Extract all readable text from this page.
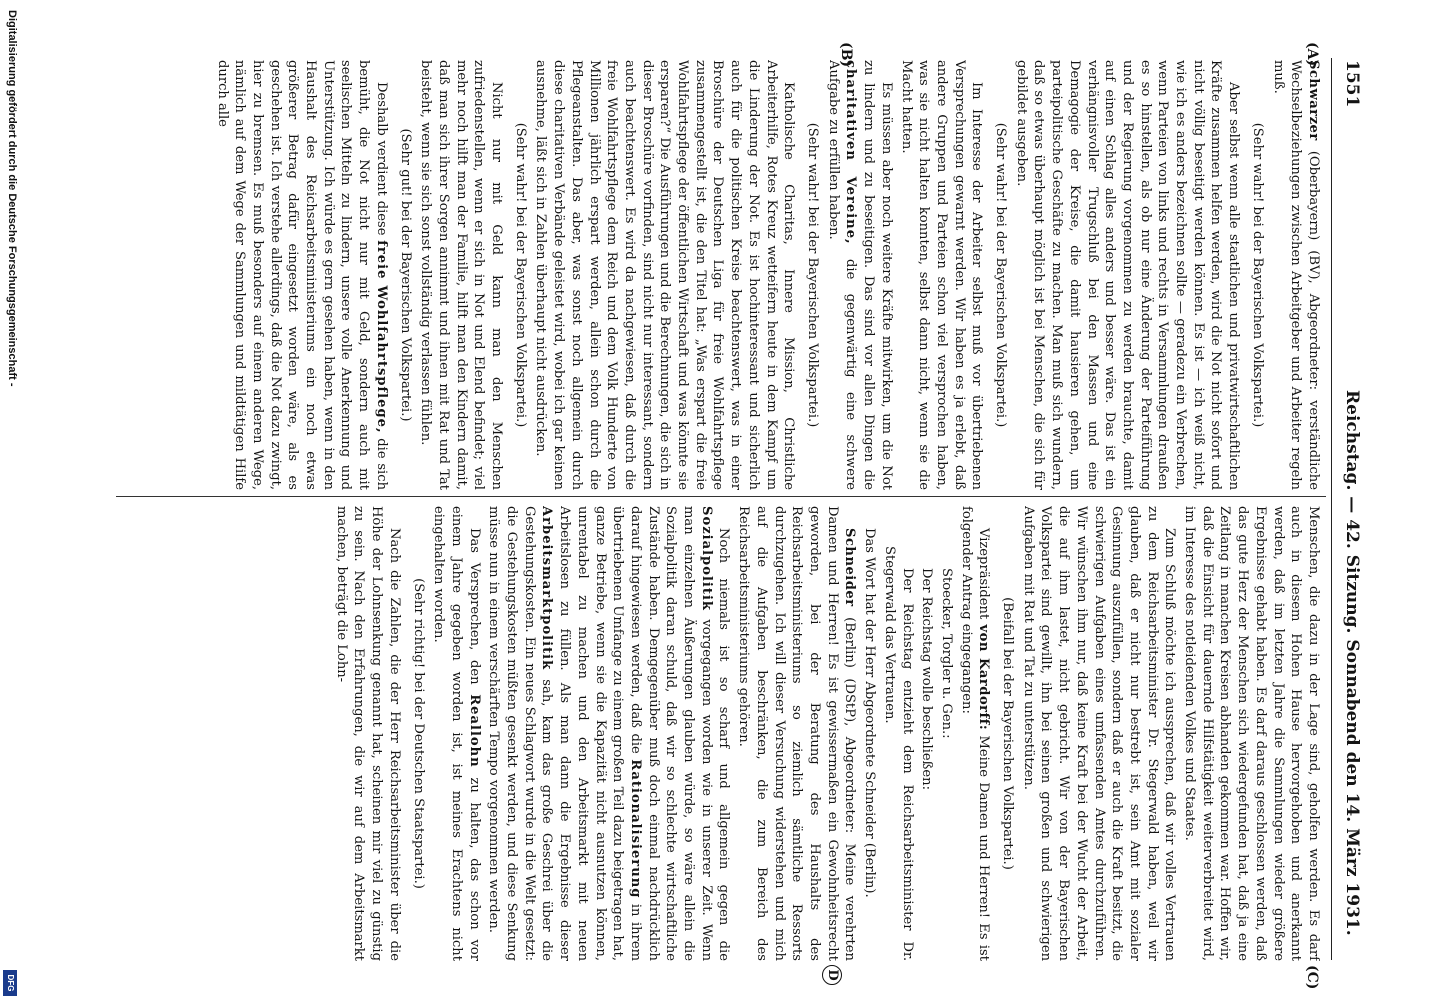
1551
Reichstag. — 42. Sitzung. Sonnabend den 14. März 1931.
(A)
(B)
(C)
D

Schwarzer (Oberbayern) (BV), Abgeordneter: verständliche Wechselbeziehungen zwischen Arbeitgeber und Arbeiter regeln muß.

(Sehr wahr! bei der Bayerischen Volkspartei.)

Aber selbst wenn alle staatlichen und privatwirtschaftlichen Kräfte zusammen helfen werden, wird die Not nicht sofort und nicht völlig beseitigt werden können. Es ist — ich weiß nicht, wie ich es anders bezeichnen sollte — geradezu ein Verbrechen, wenn Parteien von links und rechts in Versammlungen draußen es so hinstellen, als ob nur eine Änderung der Parteiführung und der Regierung vorgenommen zu werden brauchte, damit auf einen Schlag alles anders und besser wäre. Das ist ein verhängnisvoller Trugschluß bei den Massen und eine Demagogie der Kreise, die damit hausieren gehen, um parteipolitische Geschäfte zu machen. Man muß sich wundern, daß so etwas überhaupt möglich ist bei Menschen, die sich für gebildet ausgeben.

(Sehr wahr! bei der Bayerischen Volkspartei.)

Im Interesse der Arbeiter selbst muß vor übertriebenen Versprechungen gewarnt werden. Wir haben es ja erlebt, daß andere Gruppen und Parteien schon viel versprochen haben, was sie nicht halten konnten, selbst dann nicht, wenn sie die Macht hatten.

Es müssen aber noch weitere Kräfte mitwirken, um die Not zu lindern und zu beseitigen. Das sind vor allen Dingen die charitativen Vereine, die gegenwärtig eine schwere Aufgabe zu erfüllen haben.

(Sehr wahr! bei der Bayerischen Volkspartei.)

Katholische Charitas, Innere Mission, Christliche Arbeiterhilfe, Rotes Kreuz wetteifern heute in dem Kampf um die Linderung der Not. Es ist hochinteressant und sicherlich auch für die politischen Kreise beachtenswert, was in einer Broschüre der Deutschen Liga für freie Wohlfahrtspflege zusammengestellt ist, die den Titel hat: „Was erspart die freie Wohlfahrtspflege der öffentlichen Wirtschaft und was könnte sie ersparen?“ Die Ausführungen und die Berechnungen, die sich in dieser Broschüre vorfinden, sind nicht nur interessant, sondern auch beachtenswert. Es wird da nachgewiesen, daß durch die freie Wohlfahrtspflege dem Reich und dem Volk Hunderte von Millionen jährlich erspart werden, allein schon durch die Pflegeanstalten. Das aber, was sonst noch allgemein durch diese charitativen Verbände geleistet wird, wobei ich gar keinen ausnehme, läßt sich in Zahlen überhaupt nicht ausdrücken.

(Sehr wahr! bei der Bayerischen Volkspartei.)

Nicht nur mit Geld kann man den Menschen zufriedenstellen, wenn er sich in Not und Elend befindet; viel mehr noch hilft man der Familie, hilft man den Kindern damit, daß man sich ihrer Sorgen annimmt und ihnen mit Rat und Tat beisteht, wenn sie sich sonst vollständig verlassen fühlen.

(Sehr gut! bei der Bayerischen Volkspartei.)

Deshalb verdient diese freie Wohlfahrtspflege, die sich bemüht, die Not nicht nur mit Geld, sondern auch mit seelischen Mitteln zu lindern, unsere volle Anerkennung und Unterstützung. Ich würde es gern gesehen haben, wenn in den Haushalt des Reichsarbeitsministeriums ein noch etwas größerer Betrag dafür eingesetzt worden wäre, als es geschehen ist. Ich verstehe allerdings, daß die Not dazu zwingt, hier zu bremsen. Es muß besonders auf einem anderen Wege, nämlich auf dem Wege der Sammlungen und mildtätigen Hilfe durch alle

Menschen, die dazu in der Lage sind, geholfen werden. Es darf auch in diesem Hohen Hause hervorgehoben und anerkannt werden, daß im letzten Jahre die Sammlungen wieder größere Ergebnisse gehabt haben. Es darf daraus geschlossen werden, daß das gute Herz der Menschen sich wiedergefunden hat, daß ja eine Zeitlang in manchen Kreisen abhanden gekommen war. Hoffen wir, daß die Einsicht für dauernde Hilfstätigkeit weiterverbreitet wird, im Interesse des notleidenden Volkes und Staates.

Zum Schluß möchte ich aussprechen, daß wir volles Vertrauen zu dem Reichsarbeitsminister Dr. Stegerwald haben, weil wir glauben, daß er nicht nur bestrebt ist, sein Amt mit sozialer Gesinnung auszufüllen, sondern daß er auch die Kraft besitzt, die schwierigen Aufgaben eines umfassenden Amtes durchzuführen. Wir wünschen ihm nur, daß keine Kraft bei der Wucht der Arbeit, die auf ihm lastet, nicht gebricht. Wir von der Bayerischen Volkspartei sind gewillt, ihn bei seinen großen und schwierigen Aufgaben mit Rat und Tat zu unterstützen.

(Beifall bei der Bayerischen Volkspartei.)

Vizepräsident von Kardorff: Meine Damen und Herren! Es ist folgender Antrag eingegangen:

Stoecker, Torgler u. Gen.:

Der Reichstag wolle beschließen:

Der Reichstag entzieht dem Reichsarbeitsminister Dr. Stegerwald das Vertrauen.

Das Wort hat der Herr Abgeordnete Schneider (Berlin).

Schneider (Berlin) (DStP), Abgeordneter: Meine verehrten Damen und Herren! Es ist gewissermaßen ein Gewohnheitsrecht geworden, bei der Beratung des Haushalts des Reichsarbeitsministeriums so ziemlich sämtliche Ressorts durchzugehen. Ich will dieser Versuchung widerstehen und mich auf die Aufgaben beschränken, die zum Bereich des Reichsarbeitsministeriums gehören.

Noch niemals ist so scharf und allgemein gegen die Sozialpolitik vorgegangen worden wie in unserer Zeit. Wenn man einzelnen Äußerungen glauben würde, so wäre allein die Sozialpolitik daran schuld, daß wir so schlechte wirtschaftliche Zustände haben. Demgegenüber muß doch einmal nachdrücklich darauf hingewiesen werden, daß die Rationalisierung in ihrem übertriebenen Umfange zu einem großen Teil dazu beigetragen hat, ganze Betriebe, wenn sie die Kapazität nicht ausnutzen können, unrentabel zu machen und den Arbeitsmarkt mit neuen Arbeitslosen zu füllen. Als man dann die Ergebnisse dieser Arbeitsmarktpolitik sah, kam das große Geschrei über die Gestehungskosten. Ein neues Schlagwort wurde in die Welt gesetzt: die Gestehungskosten müßten gesenkt werden, und diese Senkung müsse nun in einem verschärften Tempo vorgenommen werden.

Das Versprechen, den Reallohn zu halten, das schon vor einem Jahre gegeben worden ist, ist meines Erachtens nicht eingehalten worden.

(Sehr richtig! bei der Deutschen Staatspartei.)

Nach die Zahlen, die der Herr Reichsarbeitsminister über die Höhe der Lohnsenkung genannt hat, scheinen mir viel zu günstig zu sein. Nach den Erfahrungen, die wir auf dem Arbeitsmarkt machen, beträgt die Lohn-

Digitalisierung gefördert durch die Deutsche Forschungsgemeinschaft -
DFG
